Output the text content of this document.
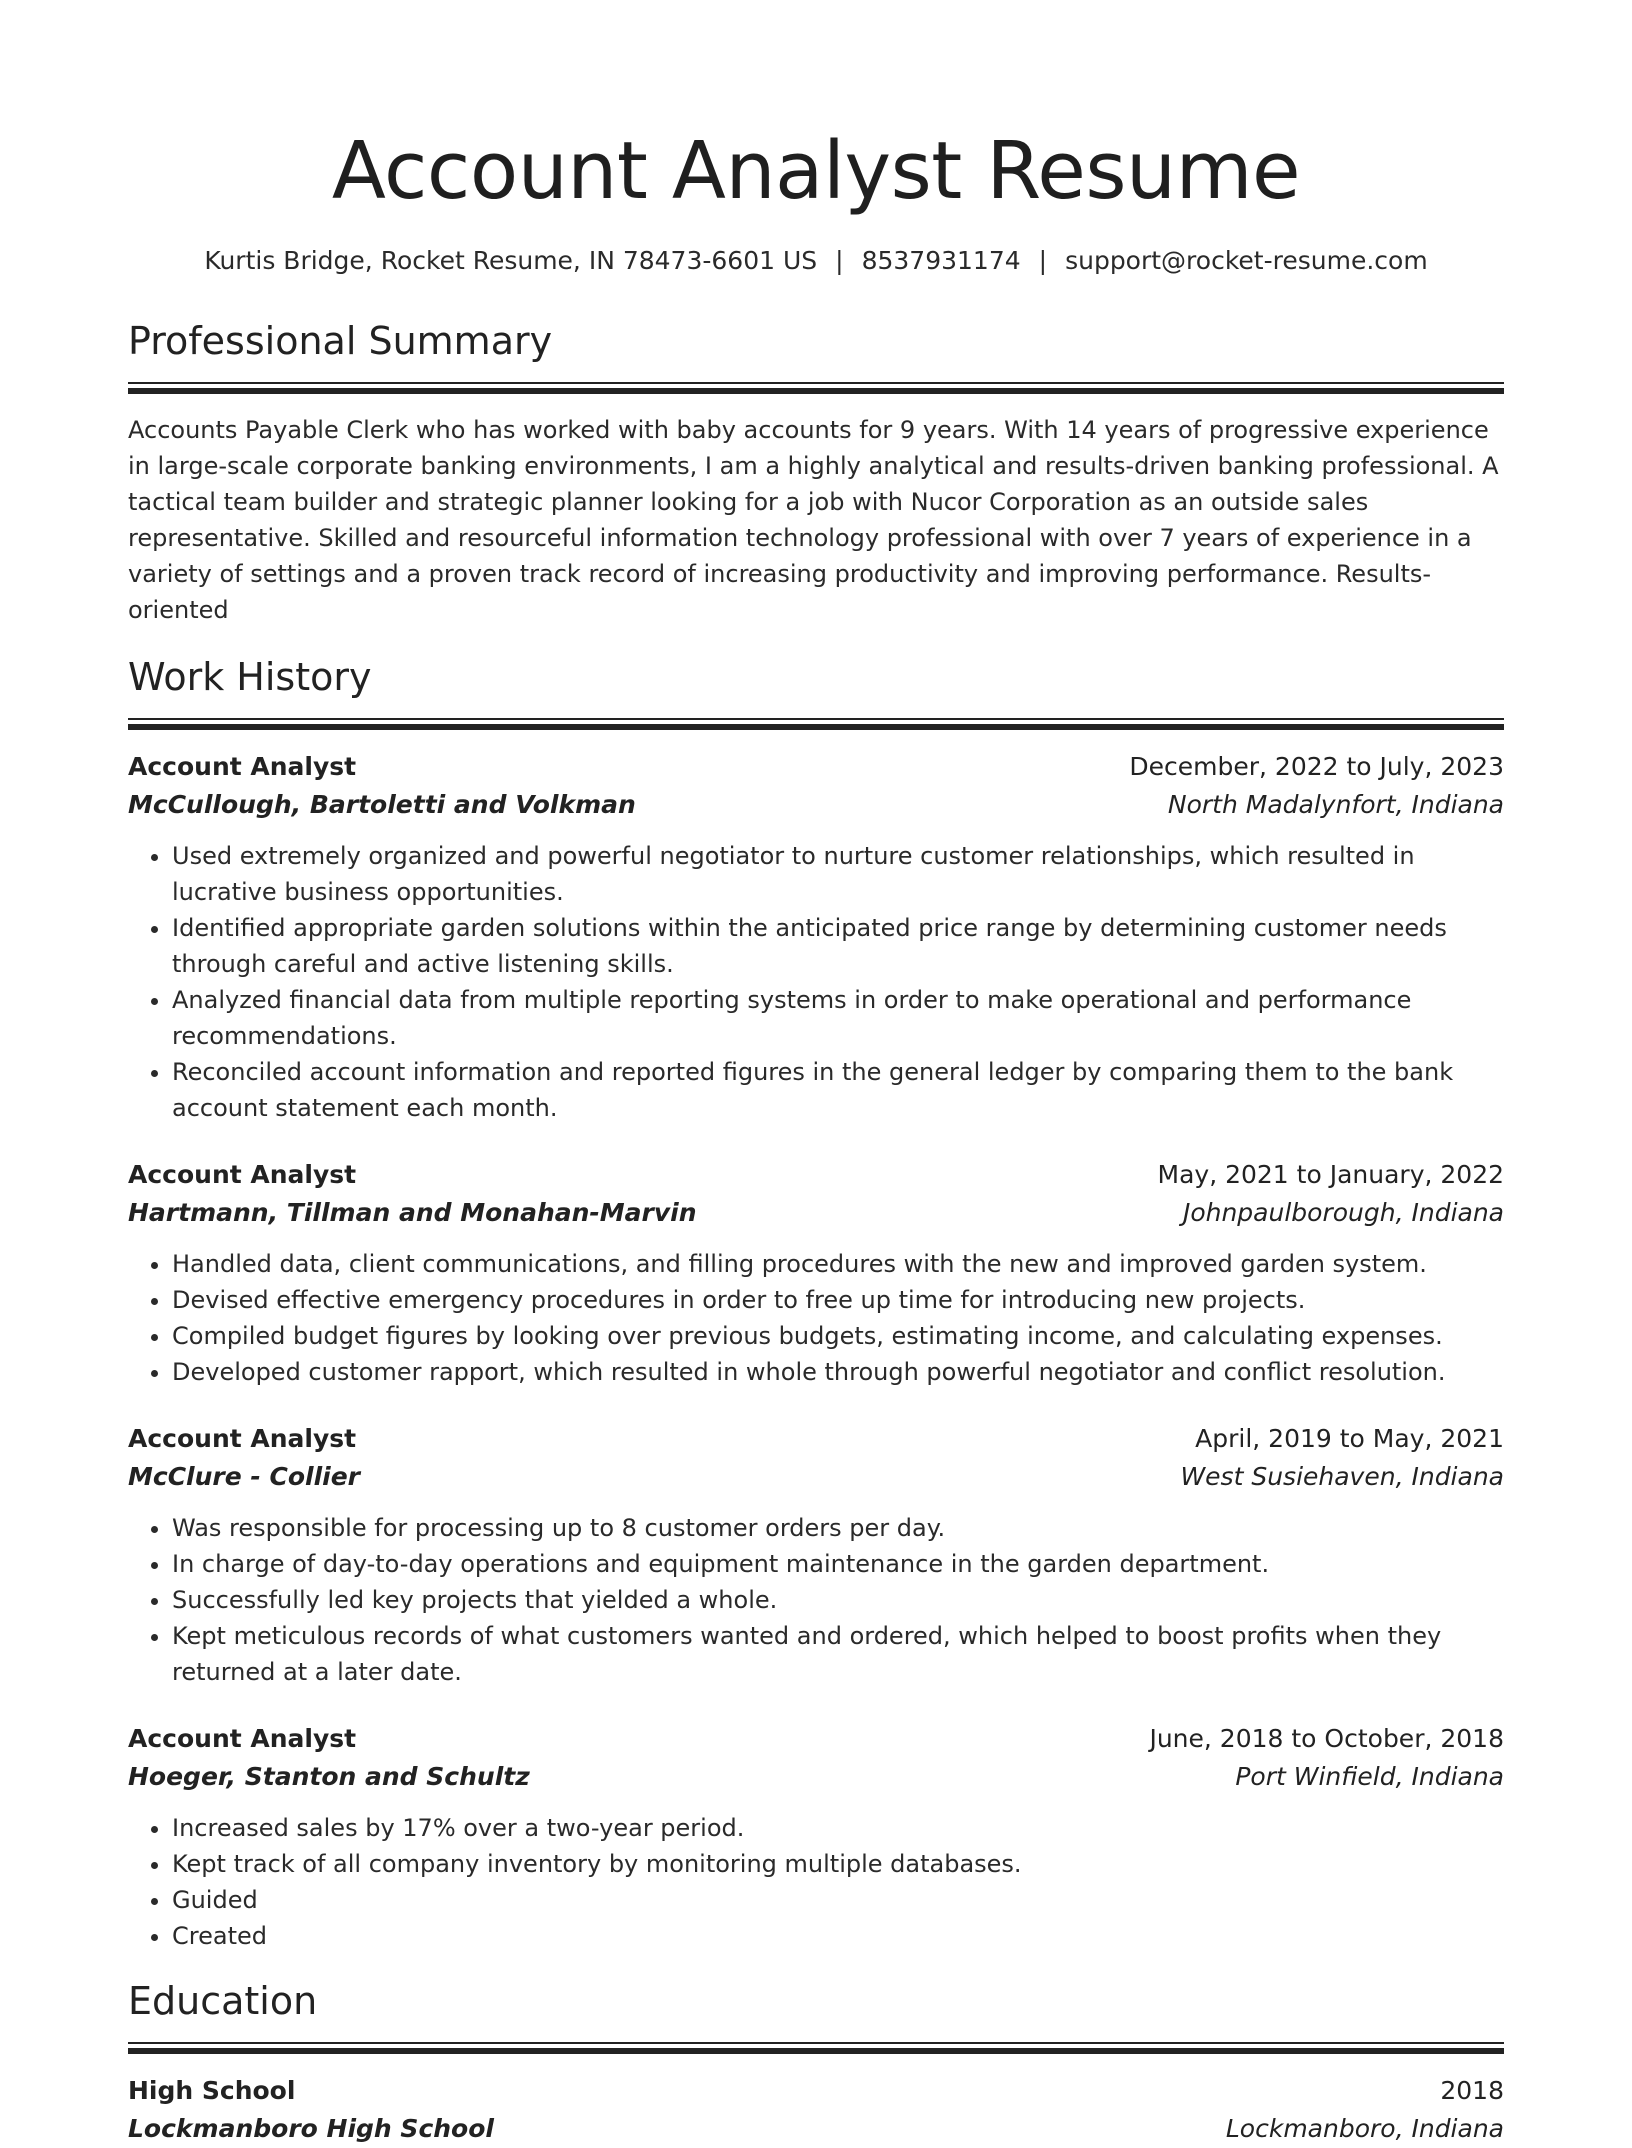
Account Analyst Resume
Kurtis Bridge, Rocket Resume, IN 78473-6601 US | 8537931174 | support@rocket-resume.com
Professional Summary

Accounts Payable Clerk who has worked with baby accounts for 9 years. With 14 years of progressive experience in large-scale corporate banking environments, I am a highly analytical and results-driven banking professional. A tactical team builder and strategic planner looking for a job with Nucor Corporation as an outside sales representative. Skilled and resourceful information technology professional with over 7 years of experience in a variety of settings and a proven track record of increasing productivity and improving performance. Results-oriented

Work History
Account Analyst	December, 2022 to July, 2023
McCullough, Bartoletti and Volkman	North Madalynfort, Indiana
• Used extremely organized and powerful negotiator to nurture customer relationships, which resulted in lucrative business opportunities.
• Identified appropriate garden solutions within the anticipated price range by determining customer needs through careful and active listening skills.
• Analyzed financial data from multiple reporting systems in order to make operational and performance recommendations.
• Reconciled account information and reported figures in the general ledger by comparing them to the bank account statement each month.
Account Analyst	May, 2021 to January, 2022
Hartmann, Tillman and Monahan-Marvin	Johnpaulborough, Indiana
• Handled data, client communications, and filling procedures with the new and improved garden system.
• Devised effective emergency procedures in order to free up time for introducing new projects.
• Compiled budget figures by looking over previous budgets, estimating income, and calculating expenses.
• Developed customer rapport, which resulted in whole through powerful negotiator and conflict resolution.
Account Analyst	April, 2019 to May, 2021
McClure - Collier	West Susiehaven, Indiana
• Was responsible for processing up to 8 customer orders per day.
• In charge of day-to-day operations and equipment maintenance in the garden department.
• Successfully led key projects that yielded a whole.
• Kept meticulous records of what customers wanted and ordered, which helped to boost profits when they returned at a later date.
Account Analyst	June, 2018 to October, 2018
Hoeger, Stanton and Schultz	Port Winfield, Indiana
• Increased sales by 17% over a two-year period.
• Kept track of all company inventory by monitoring multiple databases.
• Guided
• Created
Education
High School	2018
Lockmanboro High School	Lockmanboro, Indiana
